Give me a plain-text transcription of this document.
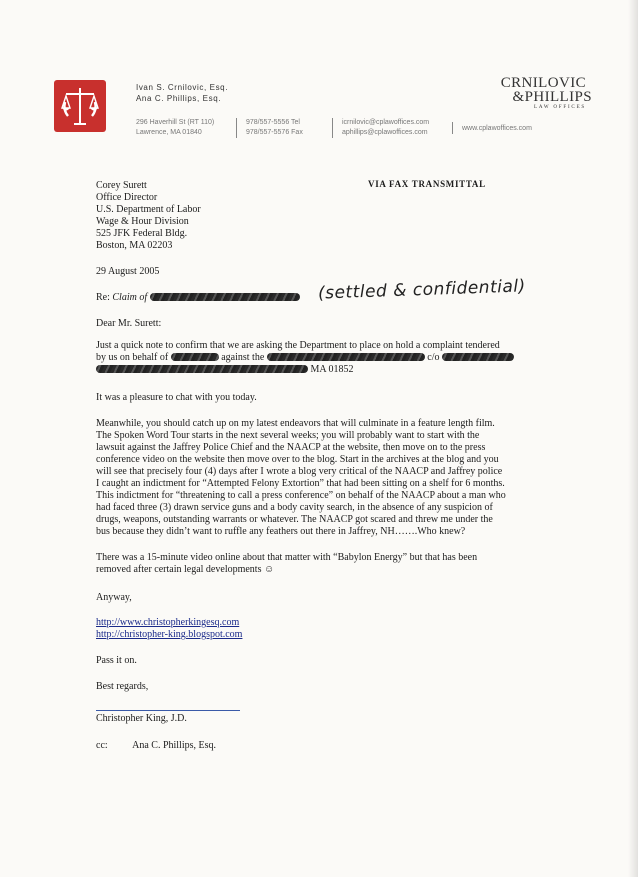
Ivan S. Crnilovic, Esq.
Ana C. Phillips, Esq.
296 Haverhill St (RT 110)
Lawrence, MA 01840
978/557-5556 Tel
978/557-5576 Fax
icrnilovic@cplawoffices.com
aphillips@cplawoffices.com
www.cplawoffices.com
CRNILOVIC
&PHILLIPS
LAW OFFICES
VIA FAX TRANSMITTAL
Corey Surett
Office Director
U.S. Department of Labor
Wage & Hour Division
525 JFK Federal Bldg.
Boston, MA 02203
29 August 2005
Re: Claim of	(settled & confidential)
Dear Mr. Surett:
Just a quick note to confirm that we are asking the Department to place on hold a complaint tendered
by us on behalf of	against the	c/o
MA 01852
It was a pleasure to chat with you today.
Meanwhile, you should catch up on my latest endeavors that will culminate in a feature length film.
The Spoken Word Tour starts in the next several weeks; you will probably want to start with the
lawsuit against the Jaffrey Police Chief and the NAACP at the website, then move on to the press
conference video on the website then move over to the blog. Start in the archives at the blog and you
will see that precisely four (4) days after I wrote a blog very critical of the NAACP and Jaffrey police
I caught an indictment for “Attempted Felony Extortion” that had been sitting on a shelf for 6 months.
This indictment for “threatening to call a press conference” on behalf of the NAACP about a man who
had faced three (3) drawn service guns and a body cavity search, in the absence of any suspicion of
drugs, weapons, outstanding warrants or whatever. The NAACP got scared and threw me under the
bus because they didn’t want to ruffle any feathers out there in Jaffrey, NH…….Who knew?
There was a 15-minute video online about that matter with “Babylon Energy” but that has been
removed after certain legal developments ☺
Anyway,
http://www.christopherkingesq.com
http://christopher-king.blogspot.com
Pass it on.
Best regards,
Christopher King, J.D.
cc: Ana C. Phillips, Esq.
